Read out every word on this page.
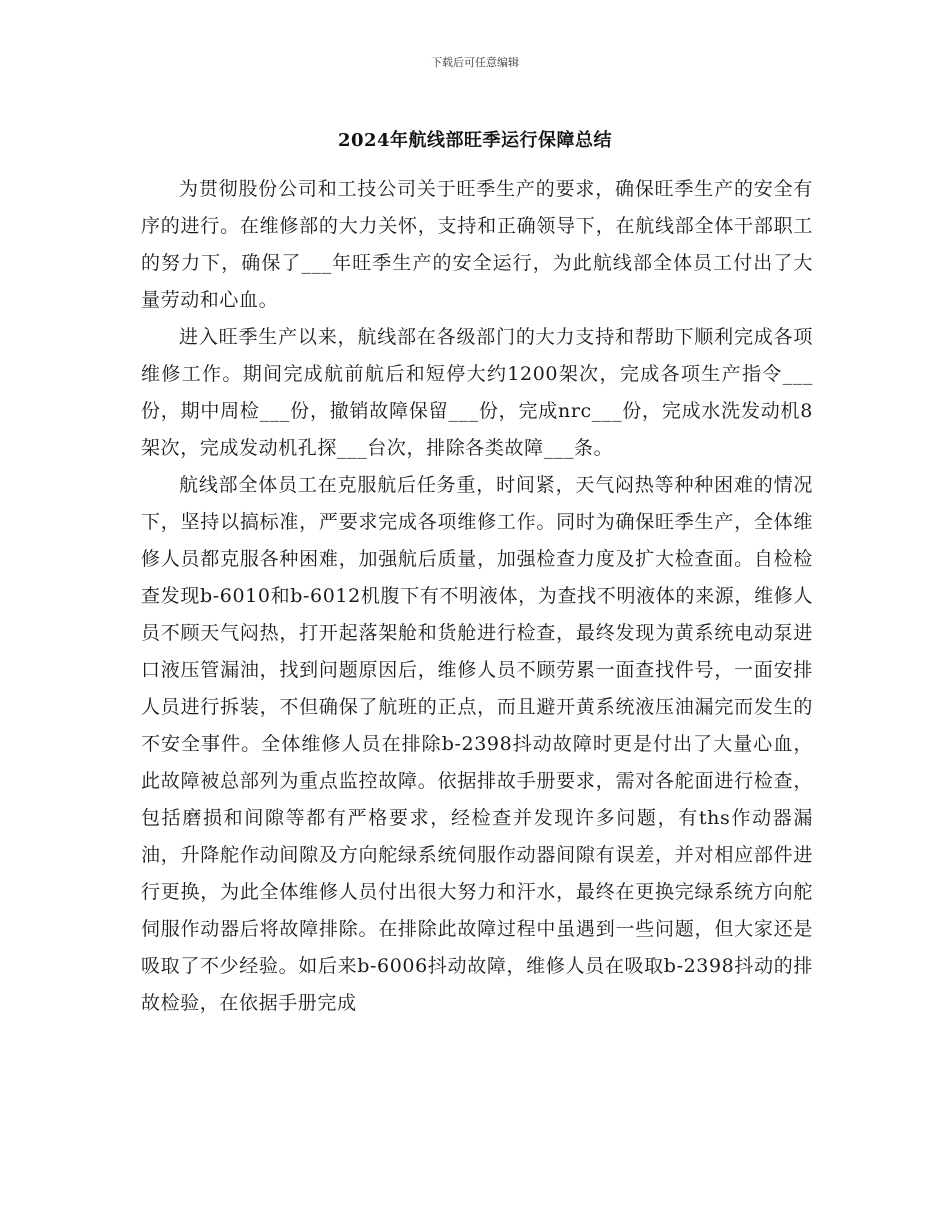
下载后可任意编辑
2024年航线部旺季运行保障总结

为贯彻股份公司和工技公司关于旺季生产的要求，确保旺季生产的安全有序的进行。在维修部的大力关怀，支持和正确领导下，在航线部全体干部职工的努力下，确保了___年旺季生产的安全运行，为此航线部全体员工付出了大量劳动和心血。

进入旺季生产以来，航线部在各级部门的大力支持和帮助下顺利完成各项维修工作。期间完成航前航后和短停大约1200架次，完成各项生产指令___份，期中周检___份，撤销故障保留___份，完成nrc___份，完成水洗发动机8架次，完成发动机孔探___台次，排除各类故障___条。

航线部全体员工在克服航后任务重，时间紧，天气闷热等种种困难的情况下，坚持以搞标准，严要求完成各项维修工作。同时为确保旺季生产，全体维修人员都克服各种困难，加强航后质量，加强检查力度及扩大检查面。自检检查发现b-6010和b-6012机腹下有不明液体，为查找不明液体的来源，维修人员不顾天气闷热，打开起落架舱和货舱进行检查，最终发现为黄系统电动泵进口液压管漏油，找到问题原因后，维修人员不顾劳累一面查找件号，一面安排人员进行拆装，不但确保了航班的正点，而且避开黄系统液压油漏完而发生的不安全事件。全体维修人员在排除b-2398抖动故障时更是付出了大量心血，此故障被总部列为重点监控故障。依据排故手册要求，需对各舵面进行检查，包括磨损和间隙等都有严格要求，经检查并发现许多问题，有ths作动器漏油，升降舵作动间隙及方向舵绿系统伺服作动器间隙有误差，并对相应部件进行更换，为此全体维修人员付出很大努力和汗水，最终在更换完绿系统方向舵伺服作动器后将故障排除。在排除此故障过程中虽遇到一些问题，但大家还是吸取了不少经验。如后来b-6006抖动故障，维修人员在吸取b-2398抖动的排故检验，在依据手册完成
